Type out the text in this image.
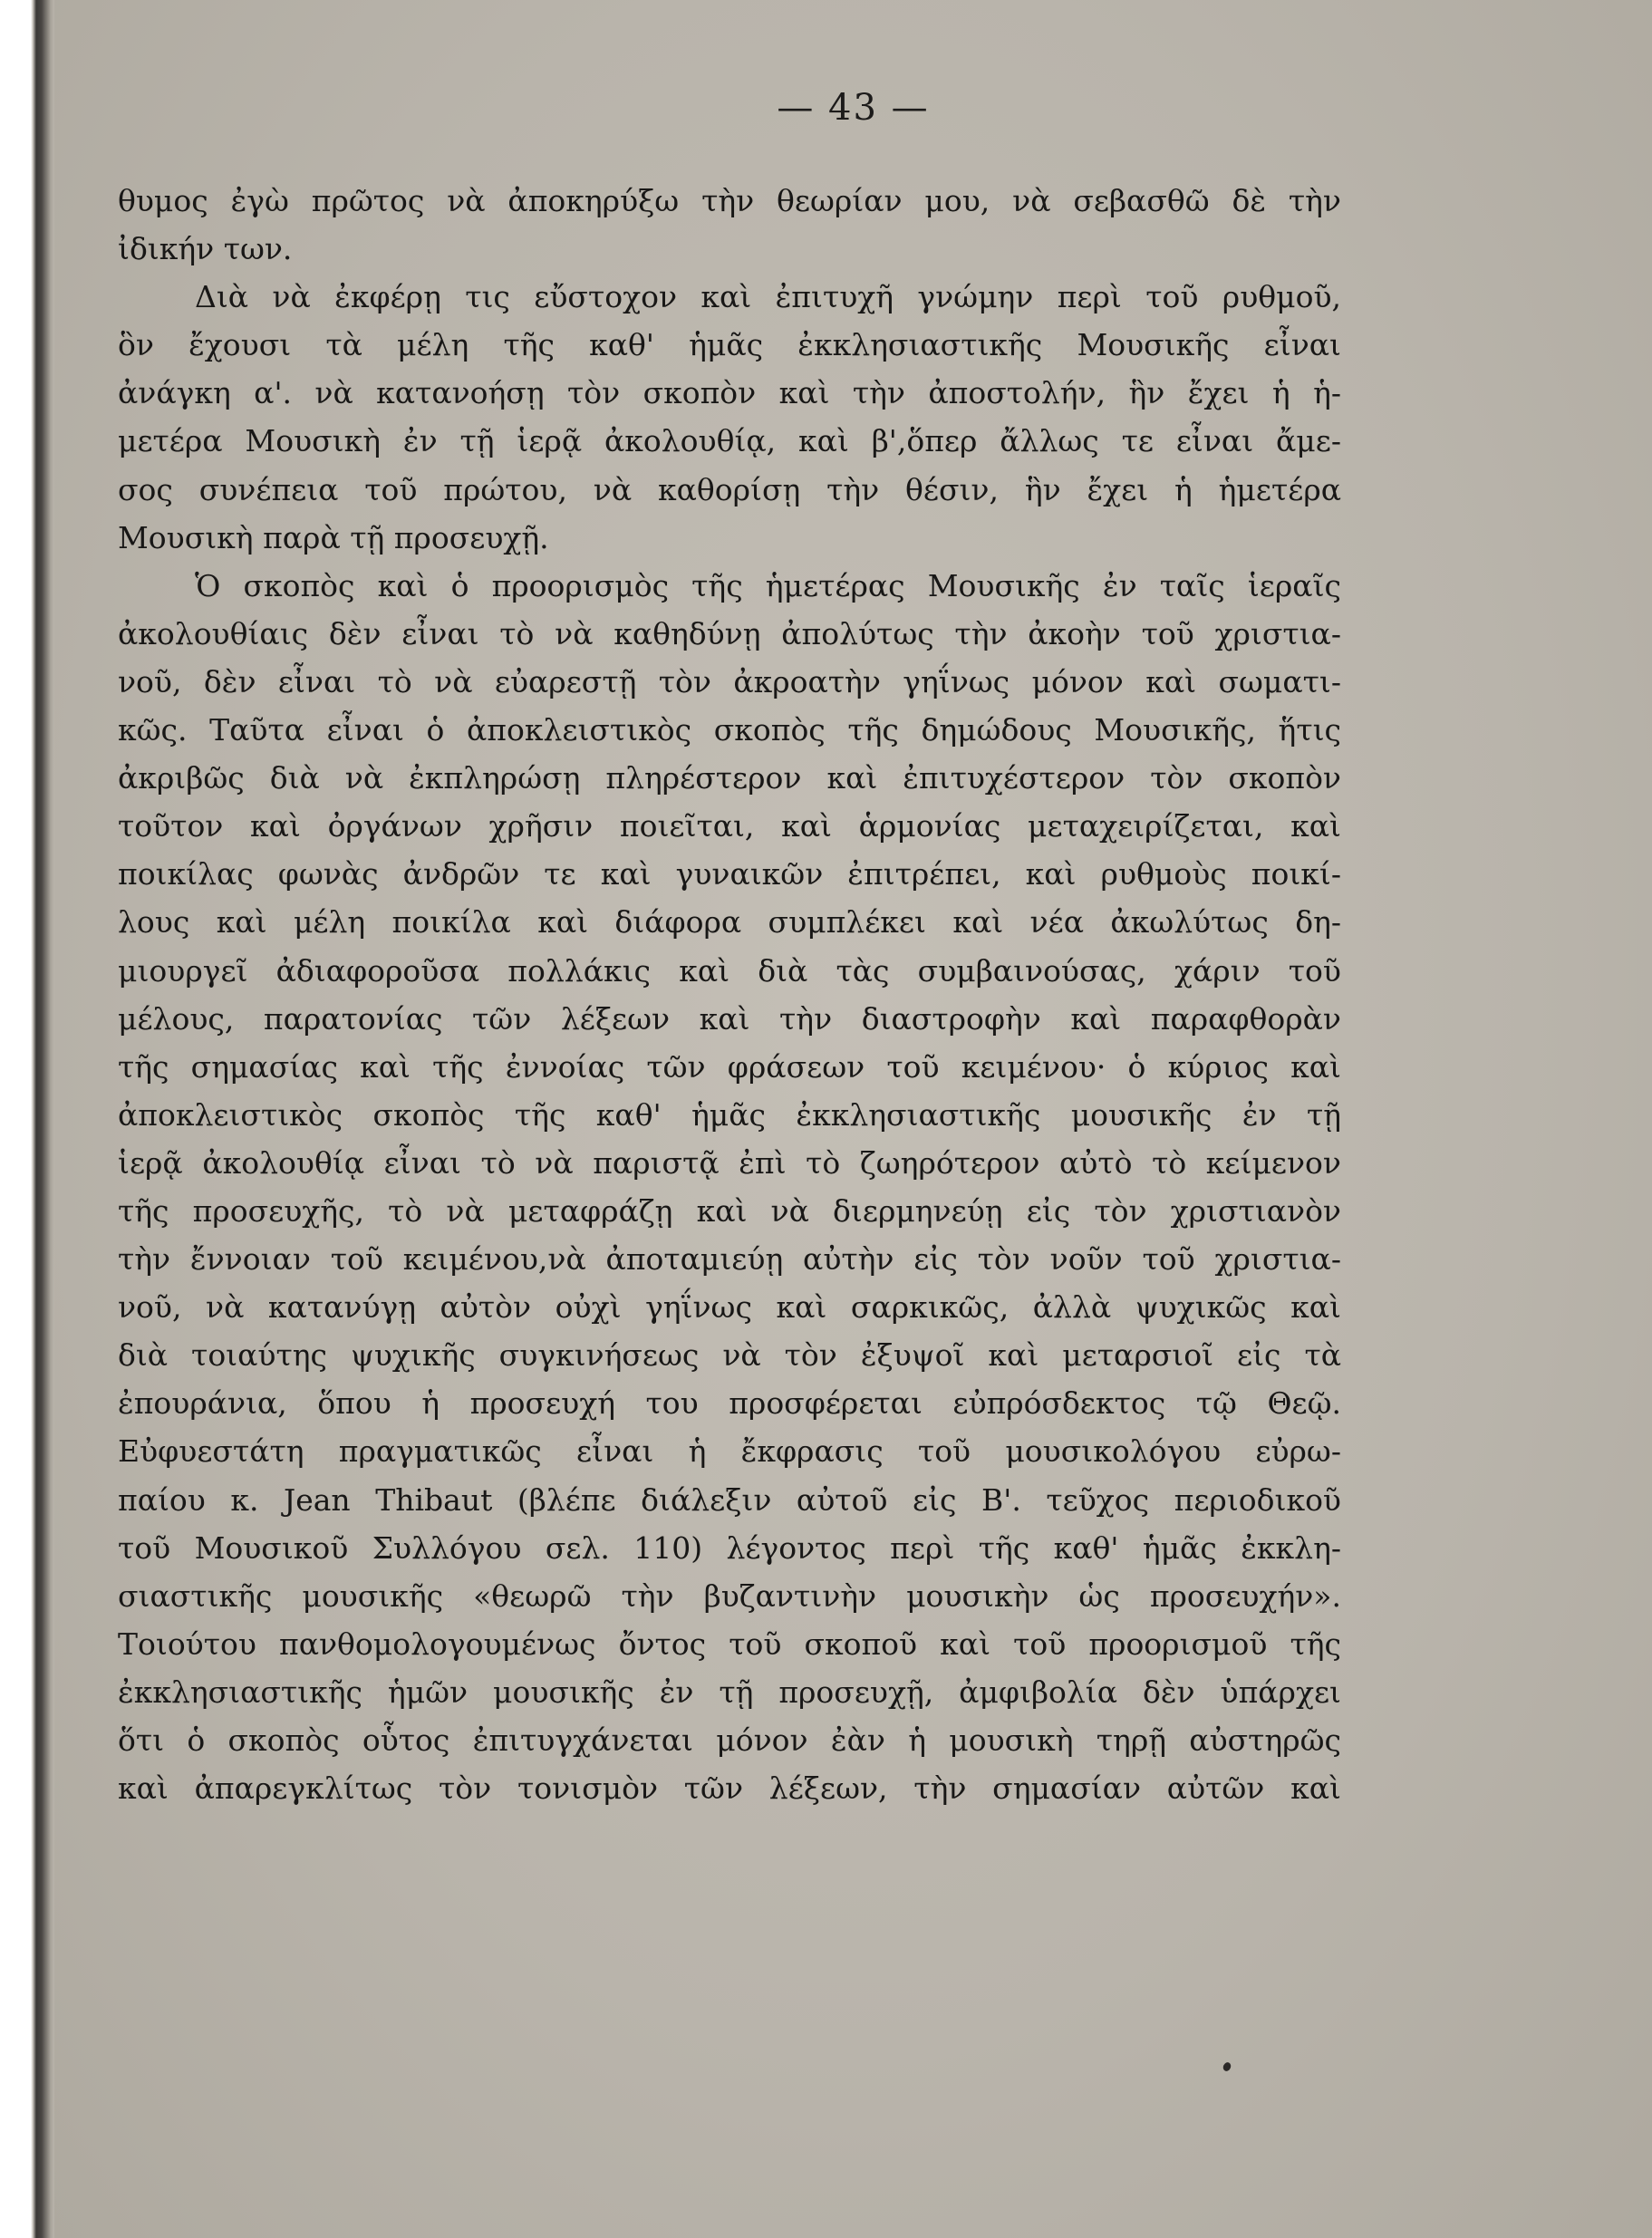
— 43 —

θυμος ἐγὼ πρῶτος νὰ ἀποκηρύξω τὴν θεωρίαν μου, νὰ σεβασθῶ δὲ τὴν
ἰδικήν των.
Διὰ νὰ ἐκφέρῃ τις εὔστοχον καὶ ἐπιτυχῆ γνώμην περὶ τοῦ ρυθμοῦ,
ὃν ἔχουσι τὰ μέλη τῆς καθ' ἡμᾶς ἐκκλησιαστικῆς Μουσικῆς εἶναι
ἀνάγκη α'. νὰ κατανοήσῃ τὸν σκοπὸν καὶ τὴν ἀποστολήν, ἣν ἔχει ἡ ἡ-
μετέρα Μουσικὴ ἐν τῇ ἱερᾷ ἀκολουθίᾳ, καὶ β',ὅπερ ἄλλως τε εἶναι ἄμε-
σος συνέπεια τοῦ πρώτου, νὰ καθορίσῃ τὴν θέσιν, ἣν ἔχει ἡ ἡμετέρα
Μουσικὴ παρὰ τῇ προσευχῇ.
Ὁ σκοπὸς καὶ ὁ προορισμὸς τῆς ἡμετέρας Μουσικῆς ἐν ταῖς ἱεραῖς
ἀκολουθίαις δὲν εἶναι τὸ νὰ καθηδύνῃ ἀπολύτως τὴν ἀκοὴν τοῦ χριστια-
νοῦ, δὲν εἶναι τὸ νὰ εὐαρεστῇ τὸν ἀκροατὴν γηΐνως μόνον καὶ σωματι-
κῶς. Ταῦτα εἶναι ὁ ἀποκλειστικὸς σκοπὸς τῆς δημώδους Μουσικῆς, ἥτις
ἀκριβῶς διὰ νὰ ἐκπληρώσῃ πληρέστερον καὶ ἐπιτυχέστερον τὸν σκοπὸν
τοῦτον καὶ ὀργάνων χρῆσιν ποιεῖται, καὶ ἁρμονίας μεταχειρίζεται, καὶ
ποικίλας φωνὰς ἀνδρῶν τε καὶ γυναικῶν ἐπιτρέπει, καὶ ρυθμοὺς ποικί-
λους καὶ μέλη ποικίλα καὶ διάφορα συμπλέκει καὶ νέα ἀκωλύτως δη-
μιουργεῖ ἀδιαφοροῦσα πολλάκις καὶ διὰ τὰς συμβαινούσας, χάριν τοῦ
μέλους, παρατονίας τῶν λέξεων καὶ τὴν διαστροφὴν καὶ παραφθορὰν
τῆς σημασίας καὶ τῆς ἐννοίας τῶν φράσεων τοῦ κειμένου· ὁ κύριος καὶ
ἀποκλειστικὸς σκοπὸς τῆς καθ' ἡμᾶς ἐκκλησιαστικῆς μουσικῆς ἐν τῇ
ἱερᾷ ἀκολουθίᾳ εἶναι τὸ νὰ παριστᾷ ἐπὶ τὸ ζωηρότερον αὐτὸ τὸ κείμενον
τῆς προσευχῆς, τὸ νὰ μεταφράζῃ καὶ νὰ διερμηνεύῃ εἰς τὸν χριστιανὸν
τὴν ἔννοιαν τοῦ κειμένου,νὰ ἀποταμιεύῃ αὐτὴν εἰς τὸν νοῦν τοῦ χριστια-
νοῦ, νὰ κατανύγῃ αὐτὸν οὐχὶ γηΐνως καὶ σαρκικῶς, ἀλλὰ ψυχικῶς καὶ
διὰ τοιαύτης ψυχικῆς συγκινήσεως νὰ τὸν ἐξυψοῖ καὶ μεταρσιοῖ εἰς τὰ
ἐπουράνια, ὅπου ἡ προσευχή του προσφέρεται εὐπρόσδεκτος τῷ Θεῷ.
Εὐφυεστάτη πραγματικῶς εἶναι ἡ ἔκφρασις τοῦ μουσικολόγου εὐρω-
παίου κ. Jean Thibaut (βλέπε διάλεξιν αὐτοῦ εἰς Β'. τεῦχος περιοδικοῦ
τοῦ Μουσικοῦ Συλλόγου σελ. 110) λέγοντος περὶ τῆς καθ' ἡμᾶς ἐκκλη-
σιαστικῆς μουσικῆς «θεωρῶ τὴν βυζαντινὴν μουσικὴν ὡς προσευχήν».
Τοιούτου πανθομολογουμένως ὄντος τοῦ σκοποῦ καὶ τοῦ προορισμοῦ τῆς
ἐκκλησιαστικῆς ἡμῶν μουσικῆς ἐν τῇ προσευχῇ, ἀμφιβολία δὲν ὑπάρχει
ὅτι ὁ σκοπὸς οὗτος ἐπιτυγχάνεται μόνον ἐὰν ἡ μουσικὴ τηρῇ αὐστηρῶς
καὶ ἀπαρεγκλίτως τὸν τονισμὸν τῶν λέξεων, τὴν σημασίαν αὐτῶν καὶ
